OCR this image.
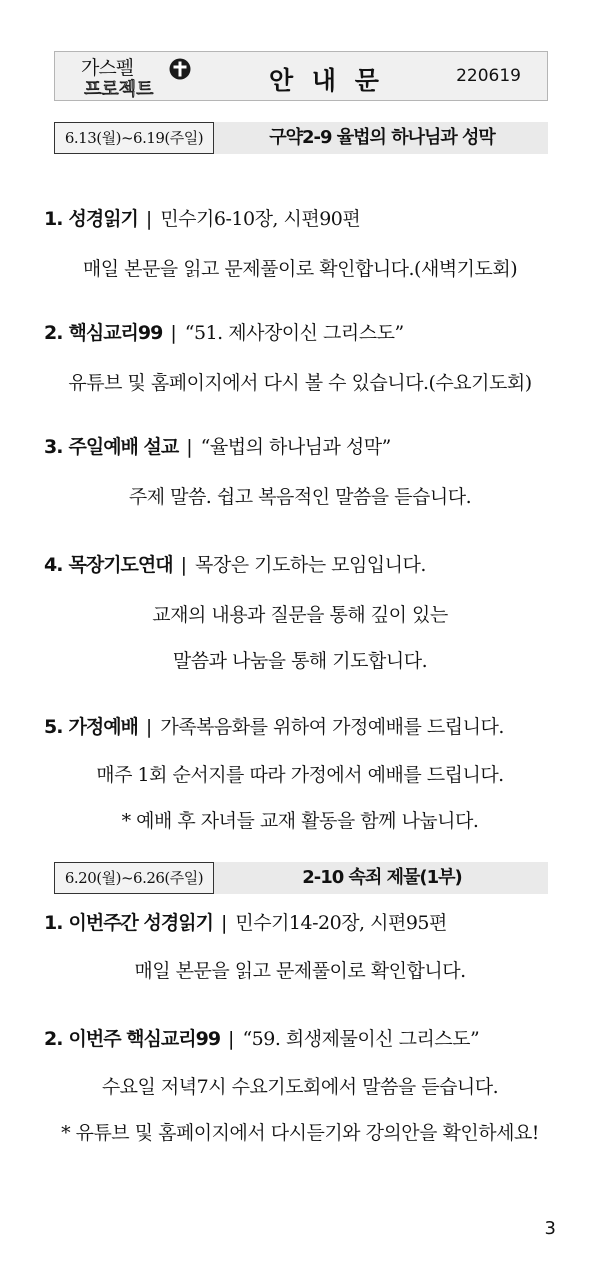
가스펠
프로젝트	안 내 문	220619
6.13(월)~6.19(주일)	구약2-9 율법의 하나님과 성막
1. 성경읽기 | 민수기6-10장, 시편90편
매일 본문을 읽고 문제풀이로 확인합니다.(새벽기도회)
2. 핵심교리99 | “51. 제사장이신 그리스도”
유튜브 및 홈페이지에서 다시 볼 수 있습니다.(수요기도회)
3. 주일예배 설교 | “율법의 하나님과 성막”
주제 말씀. 쉽고 복음적인 말씀을 듣습니다.
4. 목장기도연대 | 목장은 기도하는 모임입니다.
교재의 내용과 질문을 통해 깊이 있는
말씀과 나눔을 통해 기도합니다.
5. 가정예배 | 가족복음화를 위하여 가정예배를 드립니다.
매주 1회 순서지를 따라 가정에서 예배를 드립니다.
* 예배 후 자녀들 교재 활동을 함께 나눕니다.
6.20(월)~6.26(주일)	2-10 속죄 제물(1부)
1. 이번주간 성경읽기 | 민수기14-20장, 시편95편
매일 본문을 읽고 문제풀이로 확인합니다.
2. 이번주 핵심교리99 | “59. 희생제물이신 그리스도”
수요일 저녁7시 수요기도회에서 말씀을 듣습니다.
* 유튜브 및 홈페이지에서 다시듣기와 강의안을 확인하세요!
3
